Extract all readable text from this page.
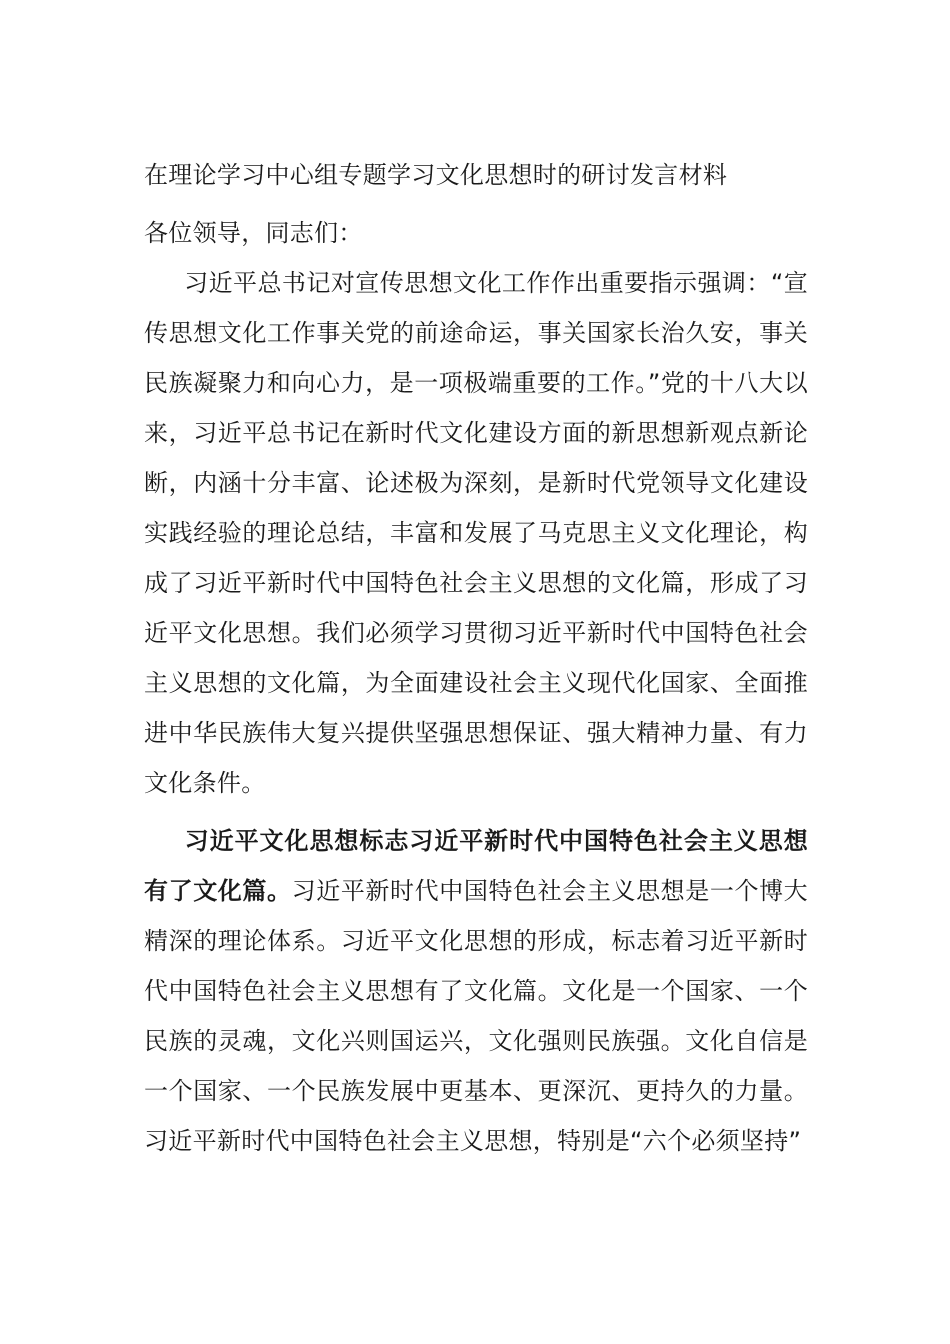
在理论学习中心组专题学习文化思想时的研讨发言材料

各位领导，同志们：

习近平总书记对宣传思想文化工作作出重要指示强调：“宣传思想文化工作事关党的前途命运，事关国家长治久安，事关民族凝聚力和向心力，是一项极端重要的工作。”党的十八大以来，习近平总书记在新时代文化建设方面的新思想新观点新论断，内涵十分丰富、论述极为深刻，是新时代党领导文化建设实践经验的理论总结，丰富和发展了马克思主义文化理论，构成了习近平新时代中国特色社会主义思想的文化篇，形成了习近平文化思想。我们必须学习贯彻习近平新时代中国特色社会主义思想的文化篇，为全面建设社会主义现代化国家、全面推进中华民族伟大复兴提供坚强思想保证、强大精神力量、有力文化条件。

习近平文化思想标志习近平新时代中国特色社会主义思想有了文化篇。习近平新时代中国特色社会主义思想是一个博大精深的理论体系。习近平文化思想的形成，标志着习近平新时代中国特色社会主义思想有了文化篇。文化是一个国家、一个民族的灵魂，文化兴则国运兴，文化强则民族强。文化自信是一个国家、一个民族发展中更基本、更深沉、更持久的力量。习近平新时代中国特色社会主义思想，特别是“六个必须坚持”
